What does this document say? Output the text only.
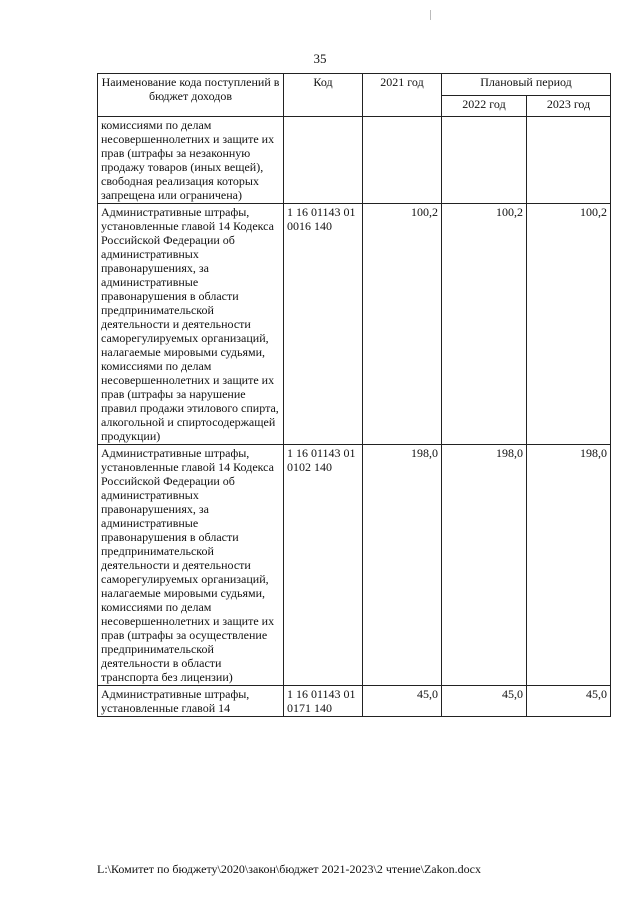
35
Наименование кода поступлений в бюджет доходов	Код	2021 год	Плановый период	
			2022 год	2023 год
комиссиями по делам несовершеннолетних и защите их прав (штрафы за незаконную продажу товаров (иных вещей), свободная реализация которых запрещена или ограничена)				
Административные штрафы, установленные главой 14 Кодекса Российской Федерации об административных правонарушениях, за административные правонарушения в области предпринимательской деятельности и деятельности саморегулируемых организаций, налагаемые мировыми судьями, комиссиями по делам несовершеннолетних и защите их прав (штрафы за нарушение правил продажи этилового спирта, алкогольной и спиртосодержащей продукции)	1 16 01143 01 0016 140	100,2	100,2	100,2
Административные штрафы, установленные главой 14 Кодекса Российской Федерации об административных правонарушениях, за административные правонарушения в области предпринимательской деятельности и деятельности саморегулируемых организаций, налагаемые мировыми судьями, комиссиями по делам несовершеннолетних и защите их прав (штрафы за осуществление предпринимательской деятельности в области транспорта без лицензии)	1 16 01143 01 0102 140	198,0	198,0	198,0
Административные штрафы, установленные главой 14	1 16 01143 01 0171 140	45,0	45,0	45,0
L:\Комитет по бюджету\2020\закон\бюджет 2021-2023\2 чтение\Zakon.docx
